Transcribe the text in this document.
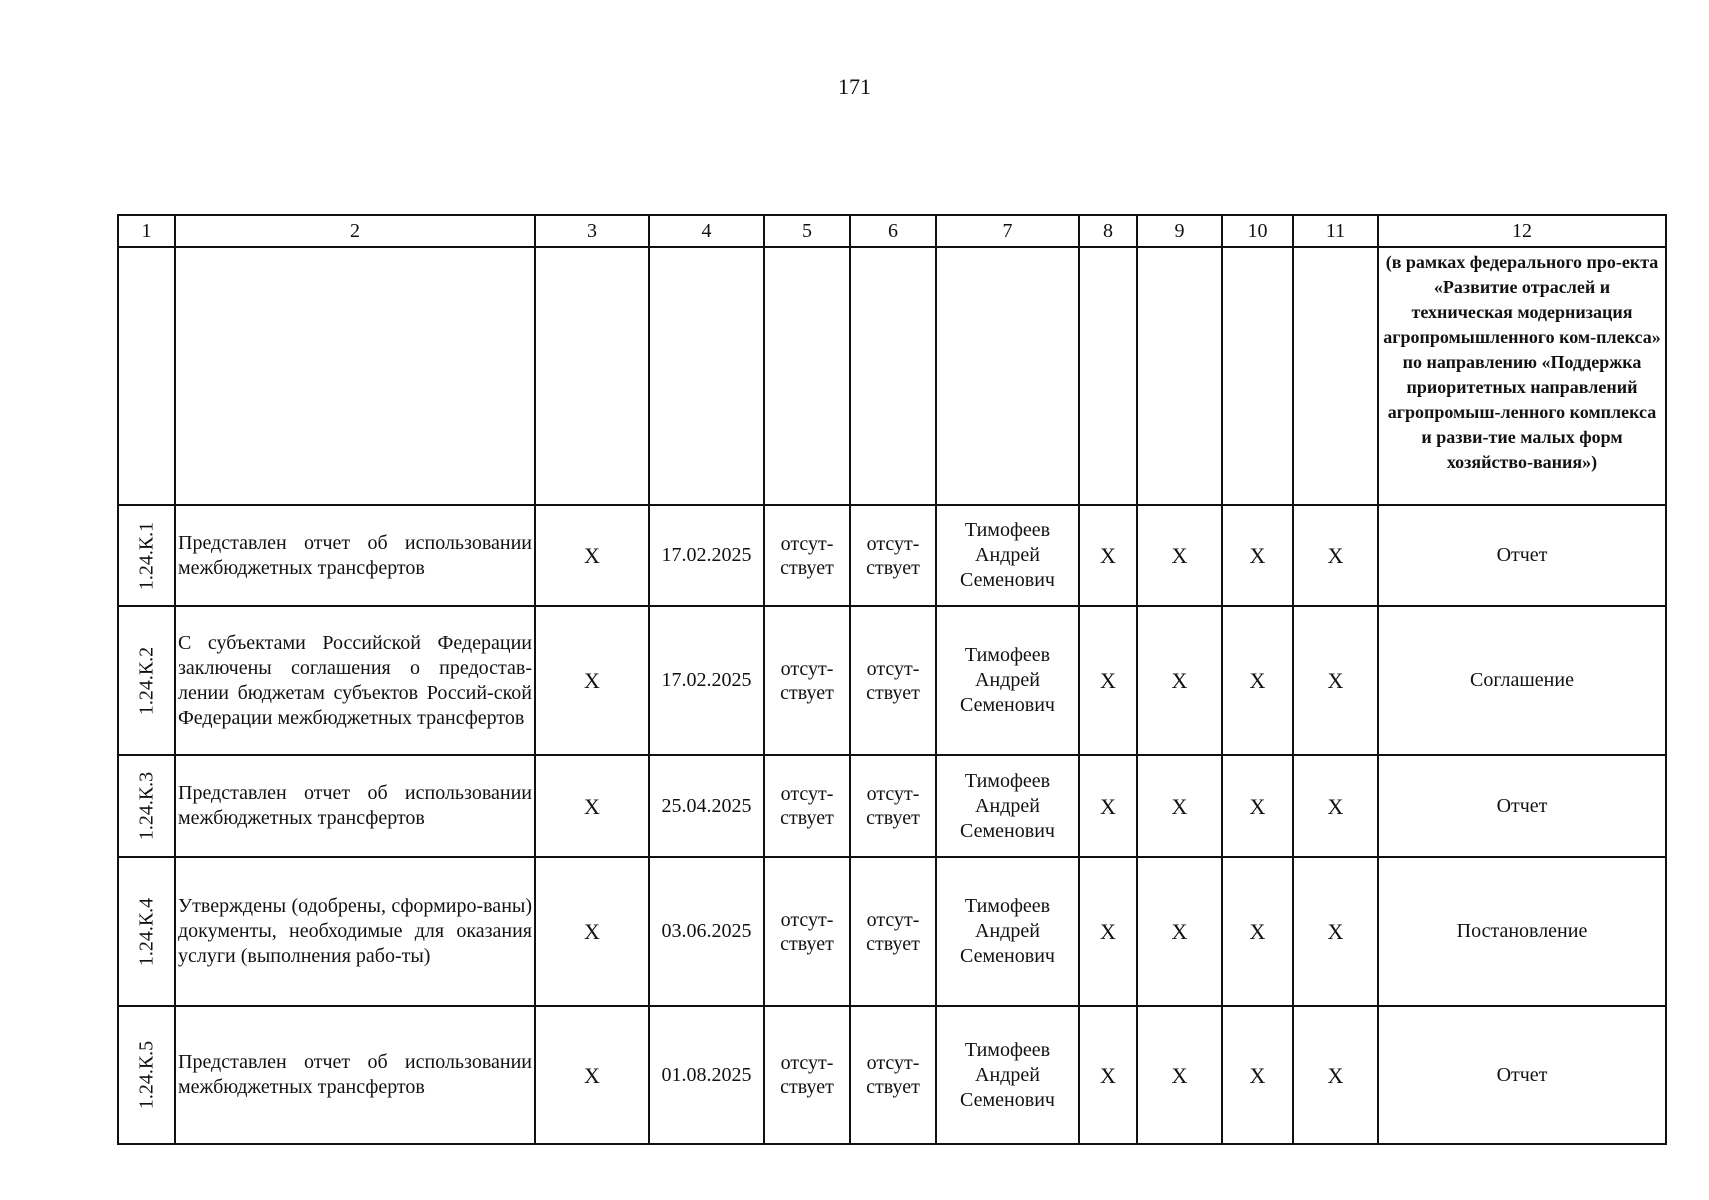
171
1	2	3	4	5	6	7	8	9	10	11	12
											(в рамках федерального про-екта «Развитие отраслей и техническая модернизация агропромышленного ком-плекса» по направлению «Поддержка приоритетных направлений агропромыш-ленного комплекса и разви-тие малых форм хозяйство-вания»)

1.24.К.1	Представлен отчет об использовании межбюджетных трансфертов	X	17.02.2025	отсут-ствует	отсут-ствует	Тимофеев Андрей Семенович	X	X	X	X	Отчет

1.24.К.2	С субъектами Российской Федерации заключены соглашения о предостав-лении бюджетам субъектов Россий-ской Федерации межбюджетных трансфертов	X	17.02.2025	отсут-ствует	отсут-ствует	Тимофеев Андрей Семенович	X	X	X	X	Соглашение

1.24.К.3	Представлен отчет об использовании межбюджетных трансфертов	X	25.04.2025	отсут-ствует	отсут-ствует	Тимофеев Андрей Семенович	X	X	X	X	Отчет

1.24.К.4	Утверждены (одобрены, сформиро-ваны) документы, необходимые для оказания услуги (выполнения рабо-ты)	X	03.06.2025	отсут-ствует	отсут-ствует	Тимофеев Андрей Семенович	X	X	X	X	Постановление

1.24.К.5	Представлен отчет об использовании межбюджетных трансфертов	X	01.08.2025	отсут-ствует	отсут-ствует	Тимофеев Андрей Семенович	X	X	X	X	Отчет
